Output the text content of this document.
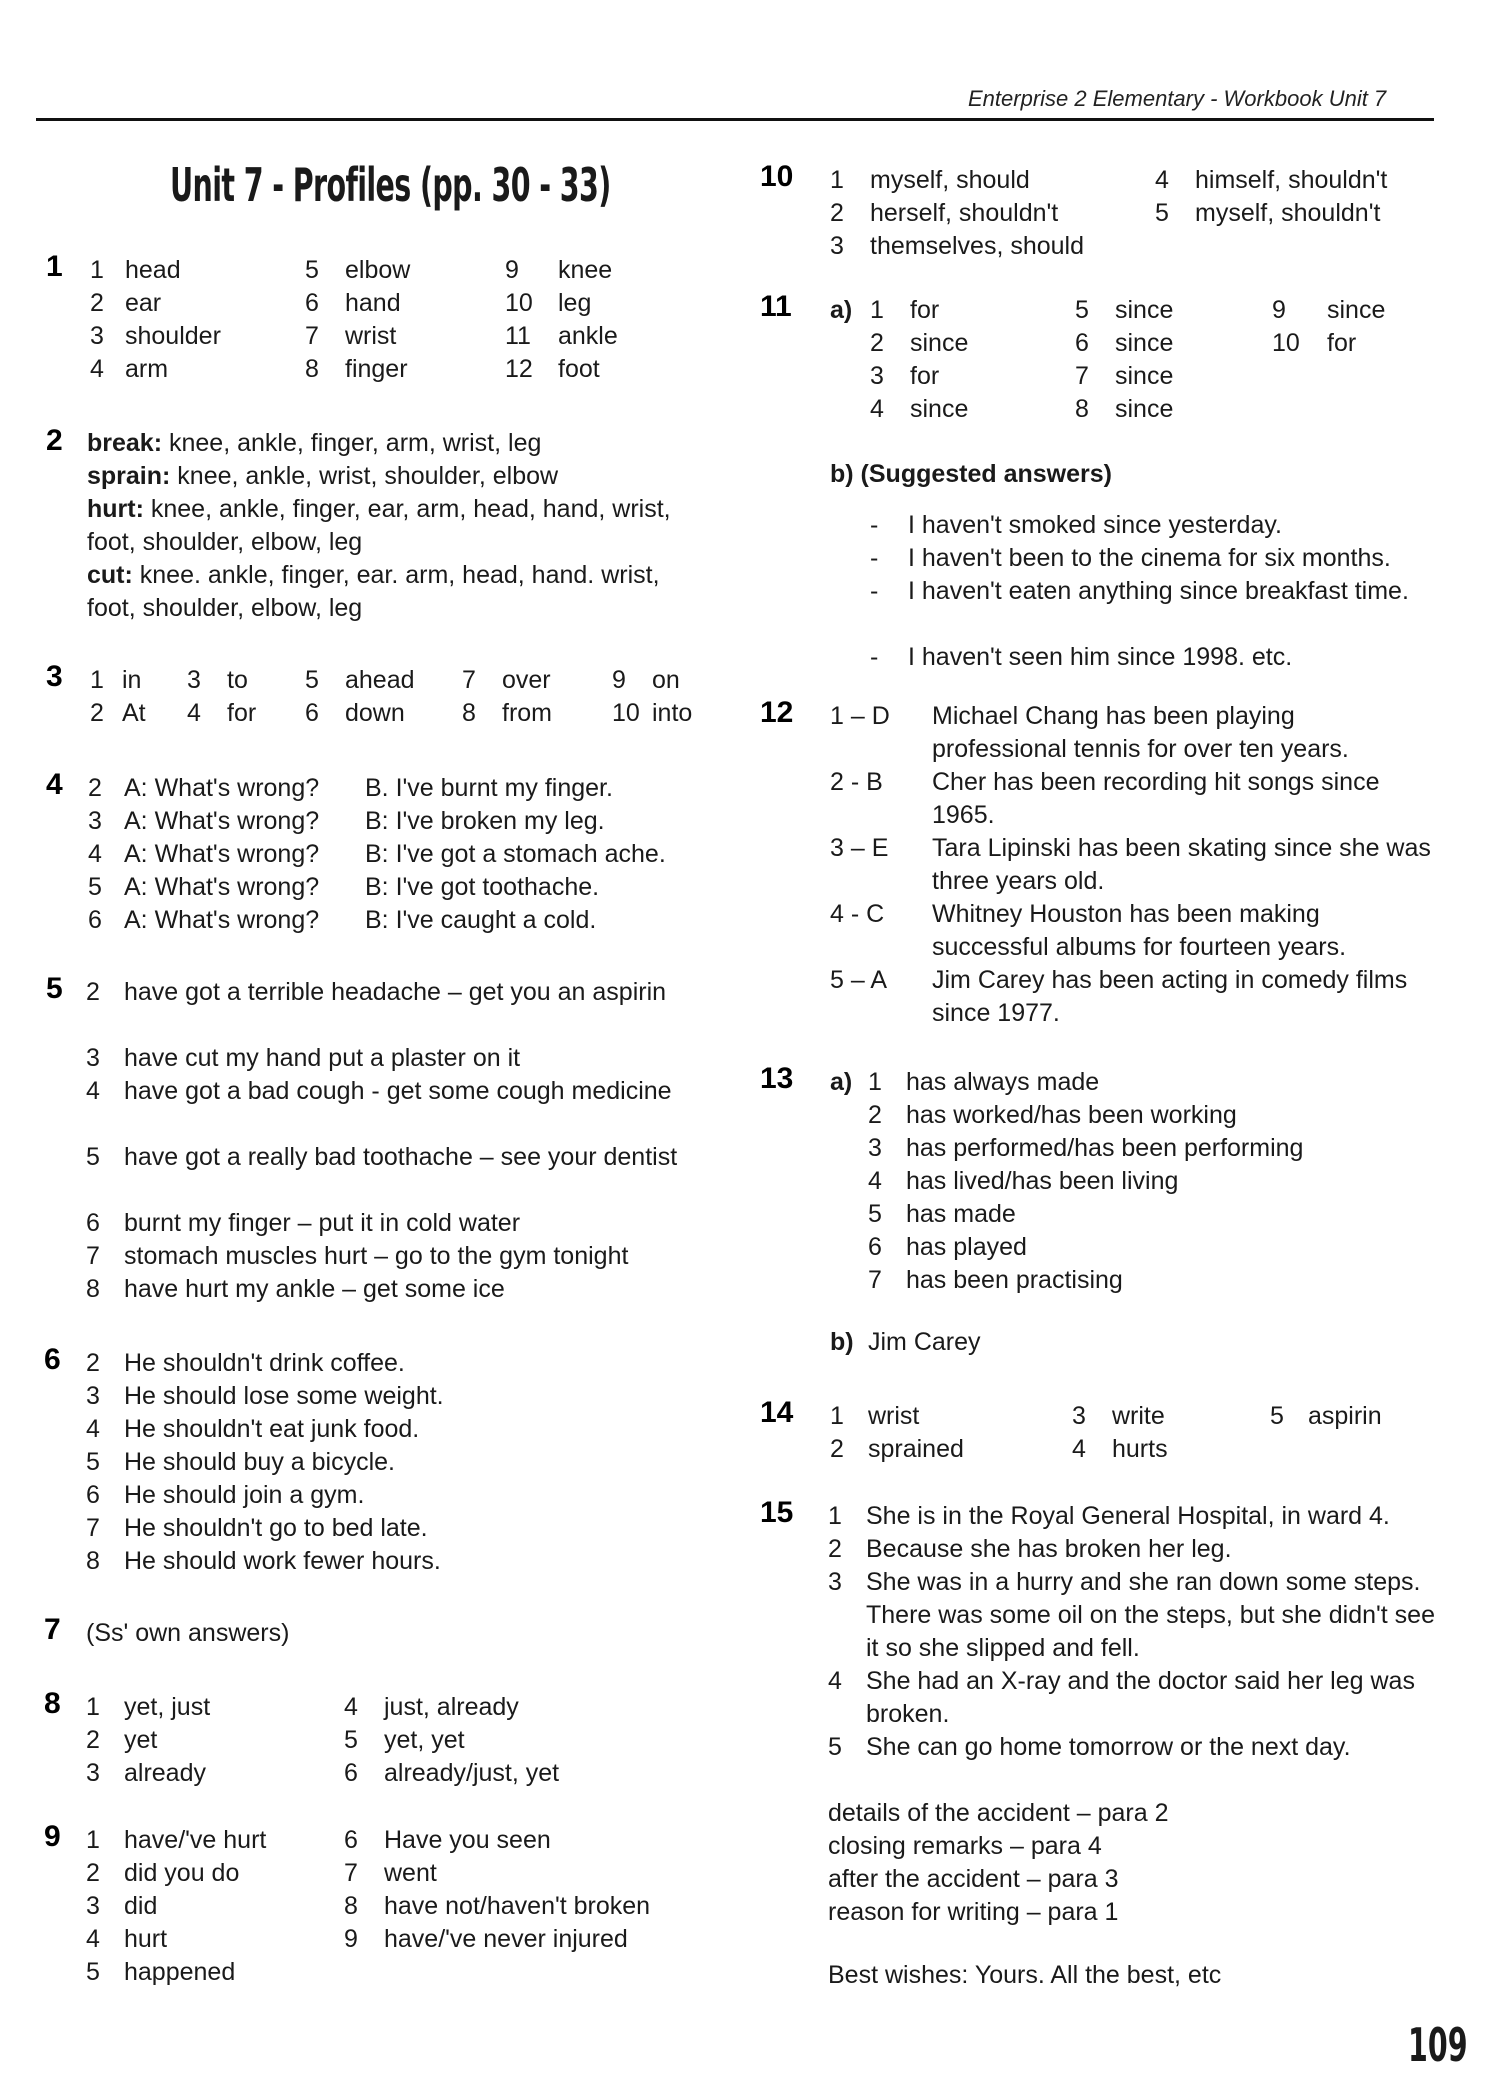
Enterprise 2 Elementary - Workbook Unit 7
Unit 7 - Profiles (pp. 30 - 33)
1 1 head
2 ear
3 shoulder
4 arm
5 elbow
6 hand
7 wrist
8 finger
9 knee
10 leg
11 ankle
12 foot
2 break: knee, ankle, finger, arm, wrist, leg
sprain: knee, ankle, wrist, shoulder, elbow
hurt: knee, ankle, finger, ear, arm, head, hand, wrist, foot, shoulder, elbow, leg
cut: knee. ankle, finger, ear. arm, head, hand. wrist, foot, shoulder, elbow, leg
3 1 in
2 At
3 to
4 for
5 ahead
6 down
7 over
8 from
9 on
10 into
4 2 A: What's wrong? B. I've burnt my finger.
3 A: What's wrong? B: I've broken my leg.
4 A: What's wrong? B: I've got a stomach ache.
5 A: What's wrong? B: I've got toothache.
6 A: What's wrong? B: I've caught a cold.
5 2 have got a terrible headache – get you an aspirin
3 have cut my hand put a plaster on it
4 have got a bad cough - get some cough medicine
5 have got a really bad toothache – see your dentist
6 burnt my finger – put it in cold water
7 stomach muscles hurt – go to the gym tonight
8 have hurt my ankle – get some ice
6 2 He shouldn't drink coffee.
3 He should lose some weight.
4 He shouldn't eat junk food.
5 He should buy a bicycle.
6 He should join a gym.
7 He shouldn't go to bed late.
8 He should work fewer hours.
7 (Ss' own answers)
8 1 yet, just
2 yet
3 already
4 just, already
5 yet, yet
6 already/just, yet
9 1 have/'ve hurt
2 did you do
3 did
4 hurt
5 happened
6 Have you seen
7 went
8 have not/haven't broken
9 have/'ve never injured
10 1 myself, should
2 herself, shouldn't
3 themselves, should
4 himself, shouldn't
5 myself, shouldn't
11 a) 1 for
2 since
3 for
4 since
5 since
6 since
7 since
8 since
9 since
10 for
b) (Suggested answers)
- I haven't smoked since yesterday.
- I haven't been to the cinema for six months.
- I haven't eaten anything since breakfast time.
- I haven't seen him since 1998. etc.
12 1 – D Michael Chang has been playing professional tennis for over ten years.
2 - B Cher has been recording hit songs since 1965.
3 – E Tara Lipinski has been skating since she was three years old.
4 - C Whitney Houston has been making successful albums for fourteen years.
5 – A Jim Carey has been acting in comedy films since 1977.
13 a) 1 has always made
2 has worked/has been working
3 has performed/has been performing
4 has lived/has been living
5 has made
6 has played
7 has been practising
b) Jim Carey
14 1 wrist
2 sprained
3 write
4 hurts
5 aspirin
15 1 She is in the Royal General Hospital, in ward 4.
2 Because she has broken her leg.
3 She was in a hurry and she ran down some steps. There was some oil on the steps, but she didn't see it so she slipped and fell.
4 She had an X-ray and the doctor said her leg was broken.
5 She can go home tomorrow or the next day.
details of the accident – para 2
closing remarks – para 4
after the accident – para 3
reason for writing – para 1
Best wishes: Yours. All the best, etc
109
